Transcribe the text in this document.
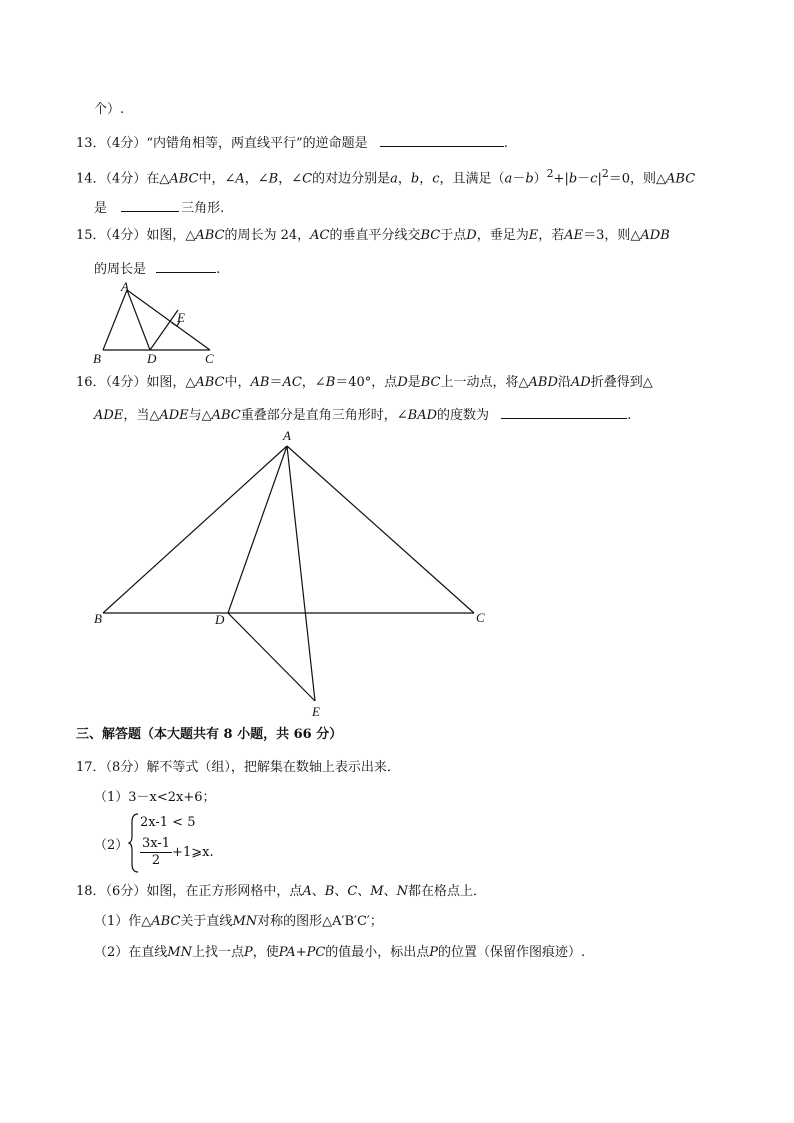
个）.
13．（4分）“内错角相等，两直线平行”的逆命题是	.
14．（4分）在△ABC中，∠A，∠B，∠C的对边分别是a，b，c，且满足$(a-b)^2+|b-c|^2=0$，则△ABC
是	三角形.
15．（4分）如图，△ABC的周长为 24，AC的垂直平分线交BC于点D，垂足为E，若AE＝3，则△ADB
的周长是	.
A
B	C
D
E
16．（4分）如图，△ABC中，AB＝AC，∠B＝40°，点D是BC上一动点，将△ABD沿AD折叠得到△
ADE，当△ADE与△ABC重叠部分是直角三角形时，∠BAD的度数为	.
A
B	C
D
E
三、解答题（本大题共有 8 小题，共 66 分）
17．（8分）解不等式（组），把解集在数轴上表示出来．
（1）3－x<2x+6；
（2）
2x-1 < 5
$\frac{3x-1}{2}$ +1⩾x.
18．（6分）如图，在正方形网格中，点A、B、C、M、N都在格点上．
（1）作△ABC关于直线MN对称的图形△A′B′C′；
（2）在直线MN上找一点P，使PA+PC的值最小，标出点P的位置（保留作图痕迹）.
